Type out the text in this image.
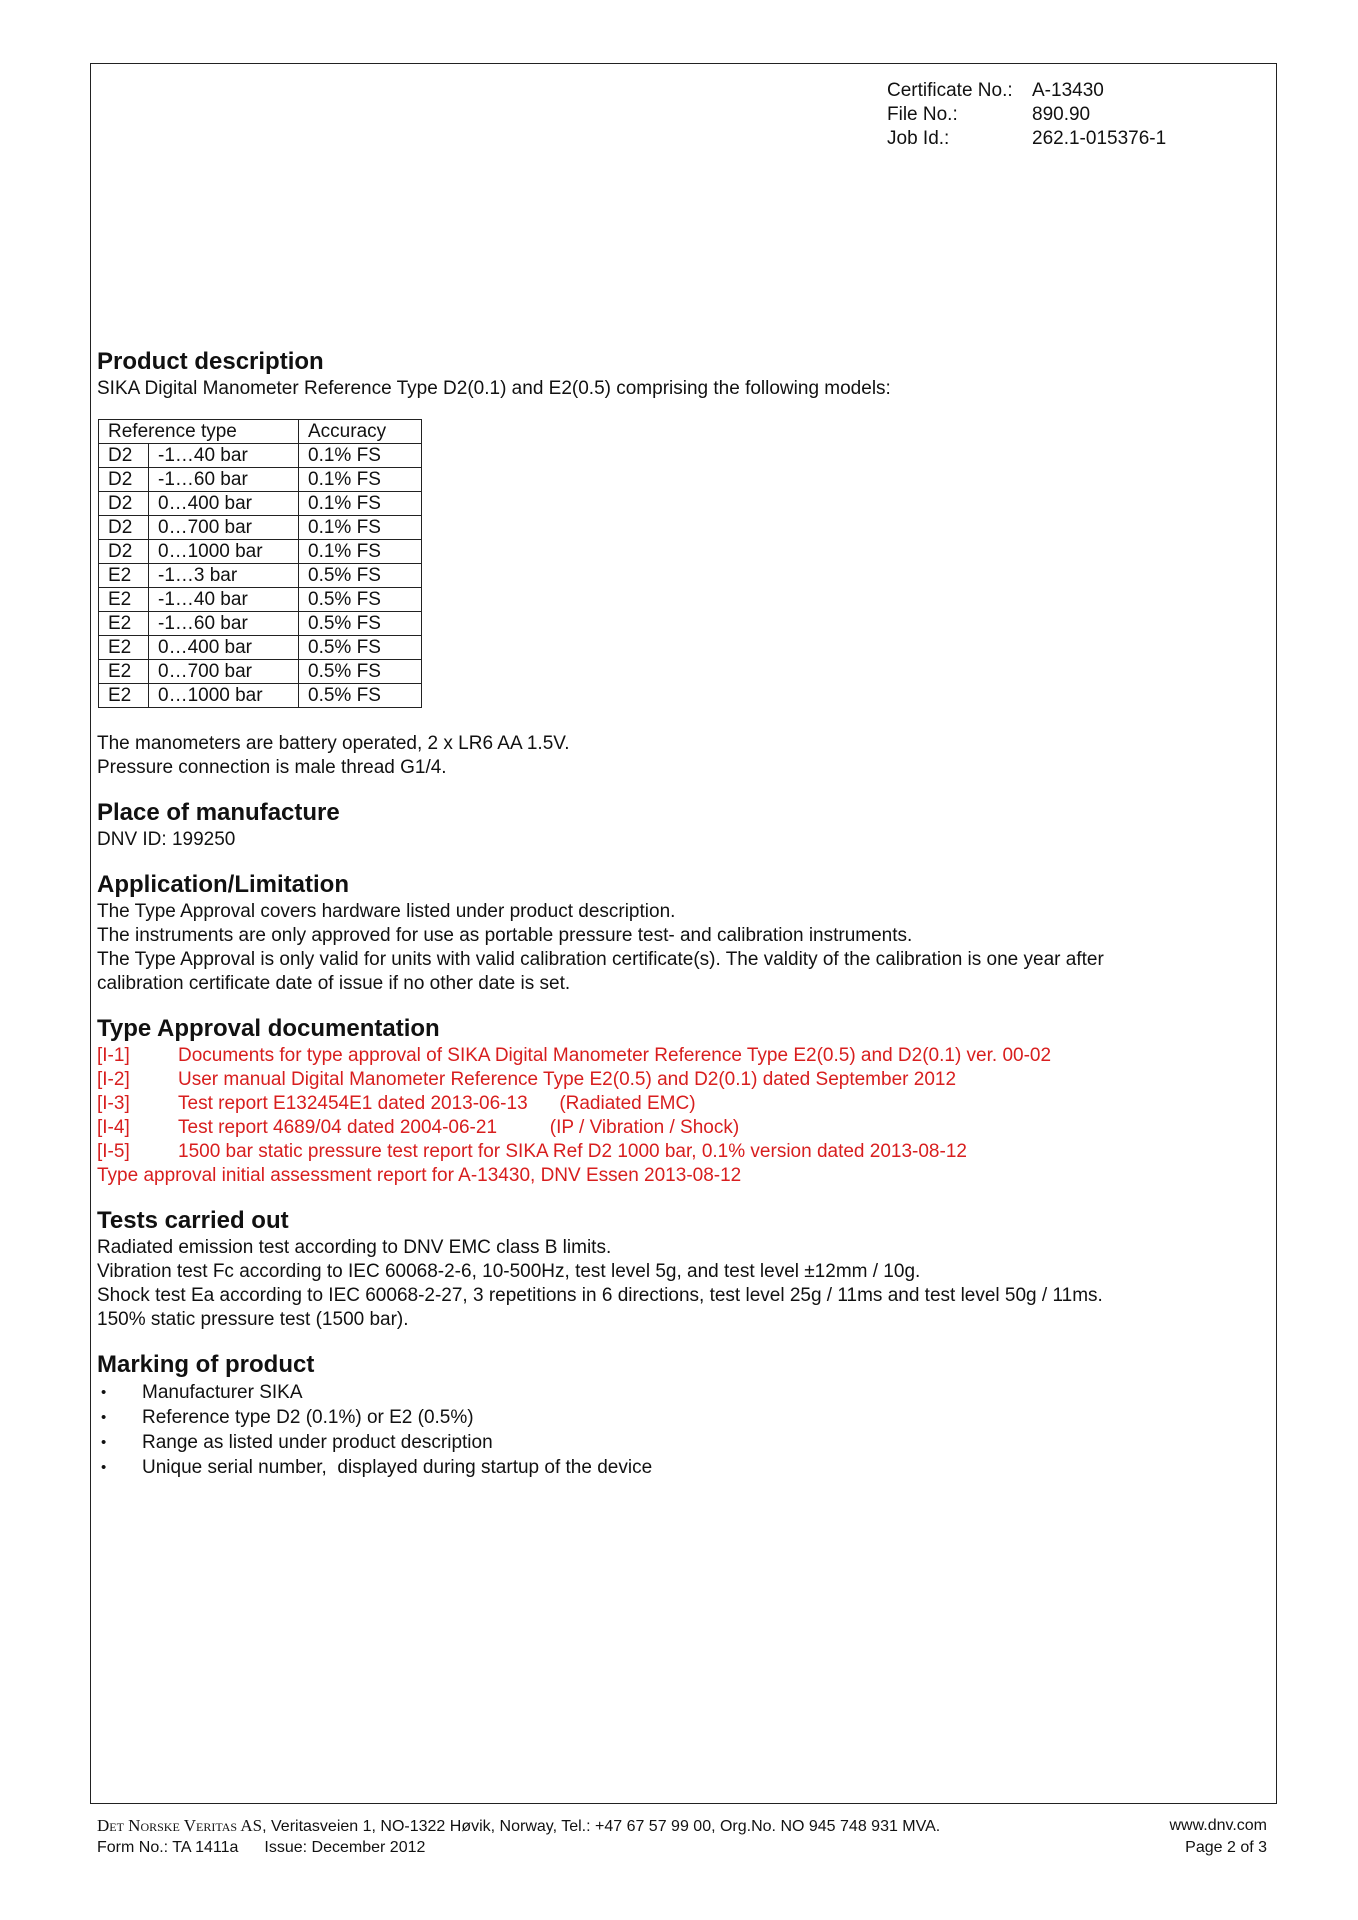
Certificate No.:	A-13430
File No.:	890.90
Job Id.:	262.1-015376-1
Product description

SIKA Digital Manometer Reference Type D2(0.1) and E2(0.5) comprising the following models:

Reference type		Accuracy
D2	-1…40 bar	0.1% FS
D2	-1…60 bar	0.1% FS
D2	0…400 bar	0.1% FS
D2	0…700 bar	0.1% FS
D2	0…1000 bar	0.1% FS
E2	-1…3 bar	0.5% FS
E2	-1…40 bar	0.5% FS
E2	-1…60 bar	0.5% FS
E2	0…400 bar	0.5% FS
E2	0…700 bar	0.5% FS
E2	0…1000 bar	0.5% FS

The manometers are battery operated, 2 x LR6 AA 1.5V.

Pressure connection is male thread G1/4.

Place of manufacture

DNV ID: 199250

Application/Limitation

The Type Approval covers hardware listed under product description.

The instruments are only approved for use as portable pressure test- and calibration instruments.

The Type Approval is only valid for units with valid calibration certificate(s). The valdity of the calibration is one year after

calibration certificate date of issue if no other date is set.

Type Approval documentation
[I-1]	Documents for type approval of SIKA Digital Manometer Reference Type E2(0.5) and D2(0.1) ver. 00-02
[I-2]	User manual Digital Manometer Reference Type E2(0.5) and D2(0.1) dated September 2012
[I-3]	Test report E132454E1 dated 2013-06-13      (Radiated EMC)
[I-4]	Test report 4689/04 dated 2004-06-21          (IP / Vibration / Shock)
[I-5]	1500 bar static pressure test report for SIKA Ref D2 1000 bar, 0.1% version dated 2013-08-12

Type approval initial assessment report for A-13430, DNV Essen 2013-08-12

Tests carried out

Radiated emission test according to DNV EMC class B limits.

Vibration test Fc according to IEC 60068-2-6, 10-500Hz, test level 5g, and test level ±12mm / 10g.

Shock test Ea according to IEC 60068-2-27, 3 repetitions in 6 directions, test level 25g / 11ms and test level 50g / 11ms.

150% static pressure test (1500 bar).

Marking of product
•	Manufacturer SIKA
•	Reference type D2 (0.1%) or E2 (0.5%)
•	Range as listed under product description
•	Unique serial number,  displayed during startup of the device
Det Norske Veritas AS, Veritasveien 1, NO-1322 Høvik, Norway, Tel.: +47 67 57 99 00, Org.No. NO 945 748 931 MVA.	www.dnv.com
Form No.: TA 1411a Issue: December 2012	Page 2 of 3
